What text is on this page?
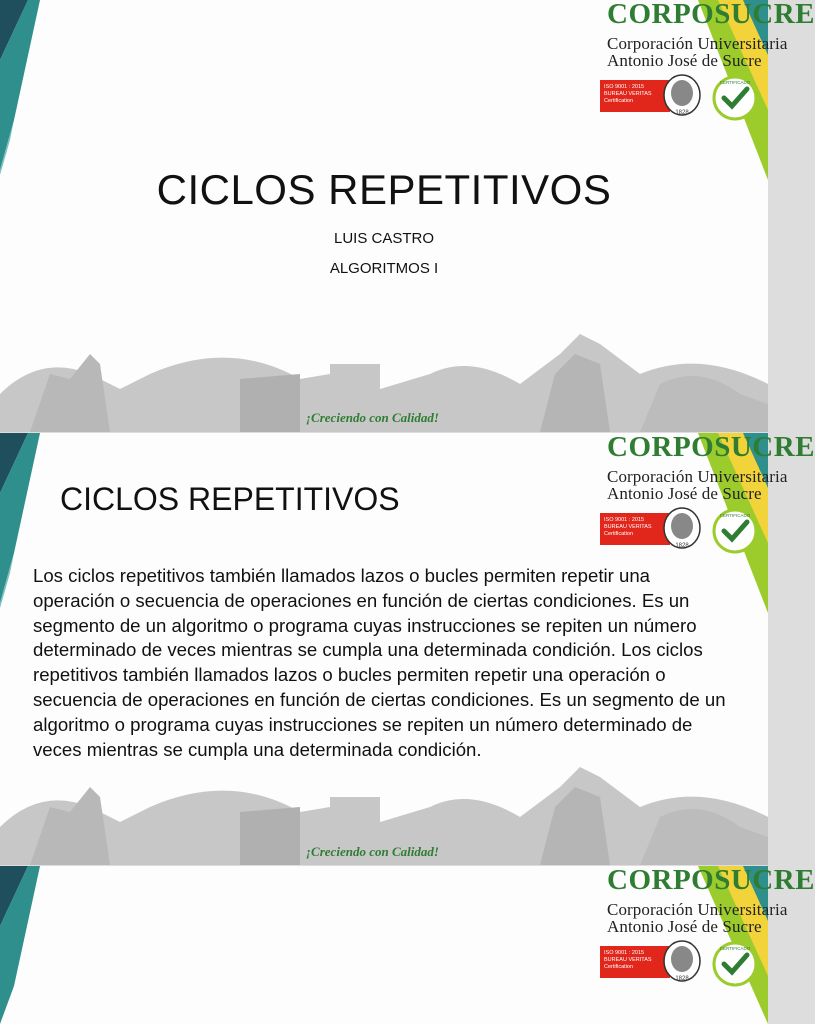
CORPOSUCRE
Corporación Universitaria
Antonio José de Sucre
ISO 9001 : 2015
BUREAU VERITAS
Certification
1828
CERTIFICADO
CICLOS REPETITIVOS
LUIS CASTRO
ALGORITMOS I
¡Creciendo con Calidad!
CORPOSUCRE
Corporación Universitaria
Antonio José de Sucre
ISO 9001 : 2015
BUREAU VERITAS
Certification
1828
CERTIFICADO
CICLOS REPETITIVOS
Los ciclos repetitivos también llamados lazos o bucles permiten repetir una operación o secuencia de operaciones en función de ciertas condiciones. Es un segmento de un algoritmo o programa cuyas instrucciones se repiten un número determinado de veces mientras se cumpla una determinada condición. Los ciclos repetitivos también llamados lazos o bucles permiten repetir una operación o secuencia de operaciones en función de ciertas condiciones. Es un segmento de un algoritmo o programa cuyas instrucciones se repiten un número determinado de veces mientras se cumpla una determinada condición.
¡Creciendo con Calidad!
CORPOSUCRE
Corporación Universitaria
Antonio José de Sucre
ISO 9001 : 2015
BUREAU VERITAS
Certification
1828
CERTIFICADO
